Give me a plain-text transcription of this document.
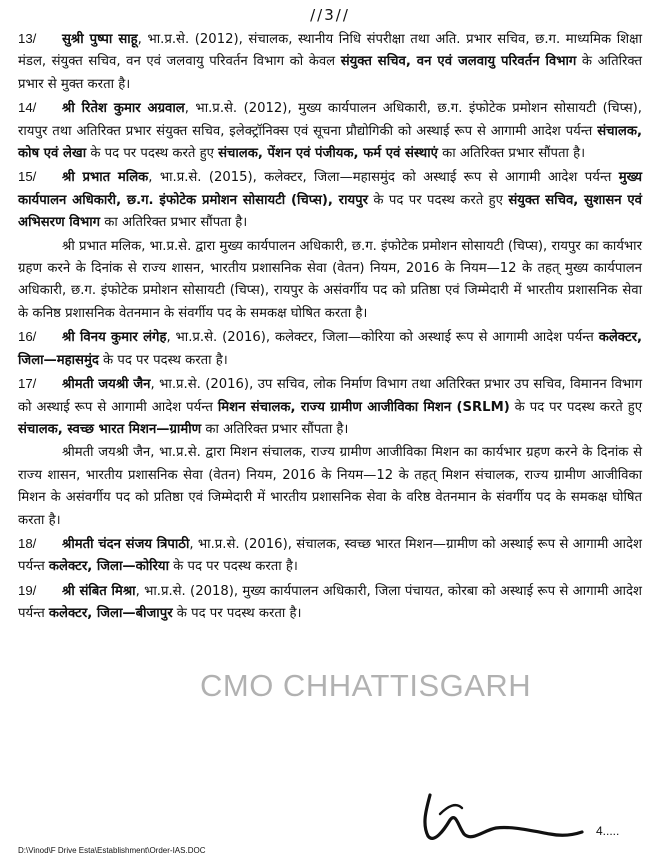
//3//

13/ सुश्री पुष्पा साहू, भा.प्र.से. (2012), संचालक, स्थानीय निधि संपरीक्षा तथा अति. प्रभार सचिव, छ.ग. माध्यमिक शिक्षा मंडल, संयुक्त सचिव, वन एवं जलवायु परिवर्तन विभाग को केवल संयुक्त सचिव, वन एवं जलवायु परिवर्तन विभाग के अतिरिक्त प्रभार से मुक्त करता है।

14/ श्री रितेश कुमार अग्रवाल, भा.प्र.से. (2012), मुख्य कार्यपालन अधिकारी, छ.ग. इंफोटेक प्रमोशन सोसायटी (चिप्स), रायपुर तथा अतिरिक्त प्रभार संयुक्त सचिव, इलेक्ट्रॉनिक्स एवं सूचना प्रौद्योगिकी को अस्थाई रूप से आगामी आदेश पर्यन्त संचालक, कोष एवं लेखा के पद पर पदस्थ करते हुए संचालक, पेंशन एवं पंजीयक, फर्म एवं संस्थाएं का अतिरिक्त प्रभार सौंपता है।

15/ श्री प्रभात मलिक, भा.प्र.से. (2015), कलेक्टर, जिला—महासमुंद को अस्थाई रूप से आगामी आदेश पर्यन्त मुख्य कार्यपालन अधिकारी, छ.ग. इंफोटेक प्रमोशन सोसायटी (चिप्स), रायपुर के पद पर पदस्थ करते हुए संयुक्त सचिव, सुशासन एवं अभिसरण विभाग का अतिरिक्त प्रभार सौंपता है।

श्री प्रभात मलिक, भा.प्र.से. द्वारा मुख्य कार्यपालन अधिकारी, छ.ग. इंफोटेक प्रमोशन सोसायटी (चिप्स), रायपुर का कार्यभार ग्रहण करने के दिनांक से राज्य शासन, भारतीय प्रशासनिक सेवा (वेतन) नियम, 2016 के नियम—12 के तहत् मुख्य कार्यपालन अधिकारी, छ.ग. इंफोटेक प्रमोशन सोसायटी (चिप्स), रायपुर के असंवर्गीय पद को प्रतिष्ठा एवं जिम्मेदारी में भारतीय प्रशासनिक सेवा के कनिष्ठ प्रशासनिक वेतनमान के संवर्गीय पद के समकक्ष घोषित करता है।

16/ श्री विनय कुमार लंगेह, भा.प्र.से. (2016), कलेक्टर, जिला—कोरिया को अस्थाई रूप से आगामी आदेश पर्यन्त कलेक्टर, जिला—महासमुंद के पद पर पदस्थ करता है।

17/ श्रीमती जयश्री जैन, भा.प्र.से. (2016), उप सचिव, लोक निर्माण विभाग तथा अतिरिक्त प्रभार उप सचिव, विमानन विभाग को अस्थाई रूप से आगामी आदेश पर्यन्त मिशन संचालक, राज्य ग्रामीण आजीविका मिशन (SRLM) के पद पर पदस्थ करते हुए संचालक, स्वच्छ भारत मिशन—ग्रामीण का अतिरिक्त प्रभार सौंपता है।

श्रीमती जयश्री जैन, भा.प्र.से. द्वारा मिशन संचालक, राज्य ग्रामीण आजीविका मिशन का कार्यभार ग्रहण करने के दिनांक से राज्य शासन, भारतीय प्रशासनिक सेवा (वेतन) नियम, 2016 के नियम—12 के तहत् मिशन संचालक, राज्य ग्रामीण आजीविका मिशन के असंवर्गीय पद को प्रतिष्ठा एवं जिम्मेदारी में भारतीय प्रशासनिक सेवा के वरिष्ठ वेतनमान के संवर्गीय पद के समकक्ष घोषित करता है।

18/ श्रीमती चंदन संजय त्रिपाठी, भा.प्र.से. (2016), संचालक, स्वच्छ भारत मिशन—ग्रामीण को अस्थाई रूप से आगामी आदेश पर्यन्त कलेक्टर, जिला—कोरिया के पद पर पदस्थ करता है।

19/ श्री संबित मिश्रा, भा.प्र.से. (2018), मुख्य कार्यपालन अधिकारी, जिला पंचायत, कोरबा को अस्थाई रूप से आगामी आदेश पर्यन्त कलेक्टर, जिला—बीजापुर के पद पर पदस्थ करता है।

CMO CHHATTISGARH
4.....
D:\Vinod\F Drive Esta\Establishment\Order-IAS.DOC
